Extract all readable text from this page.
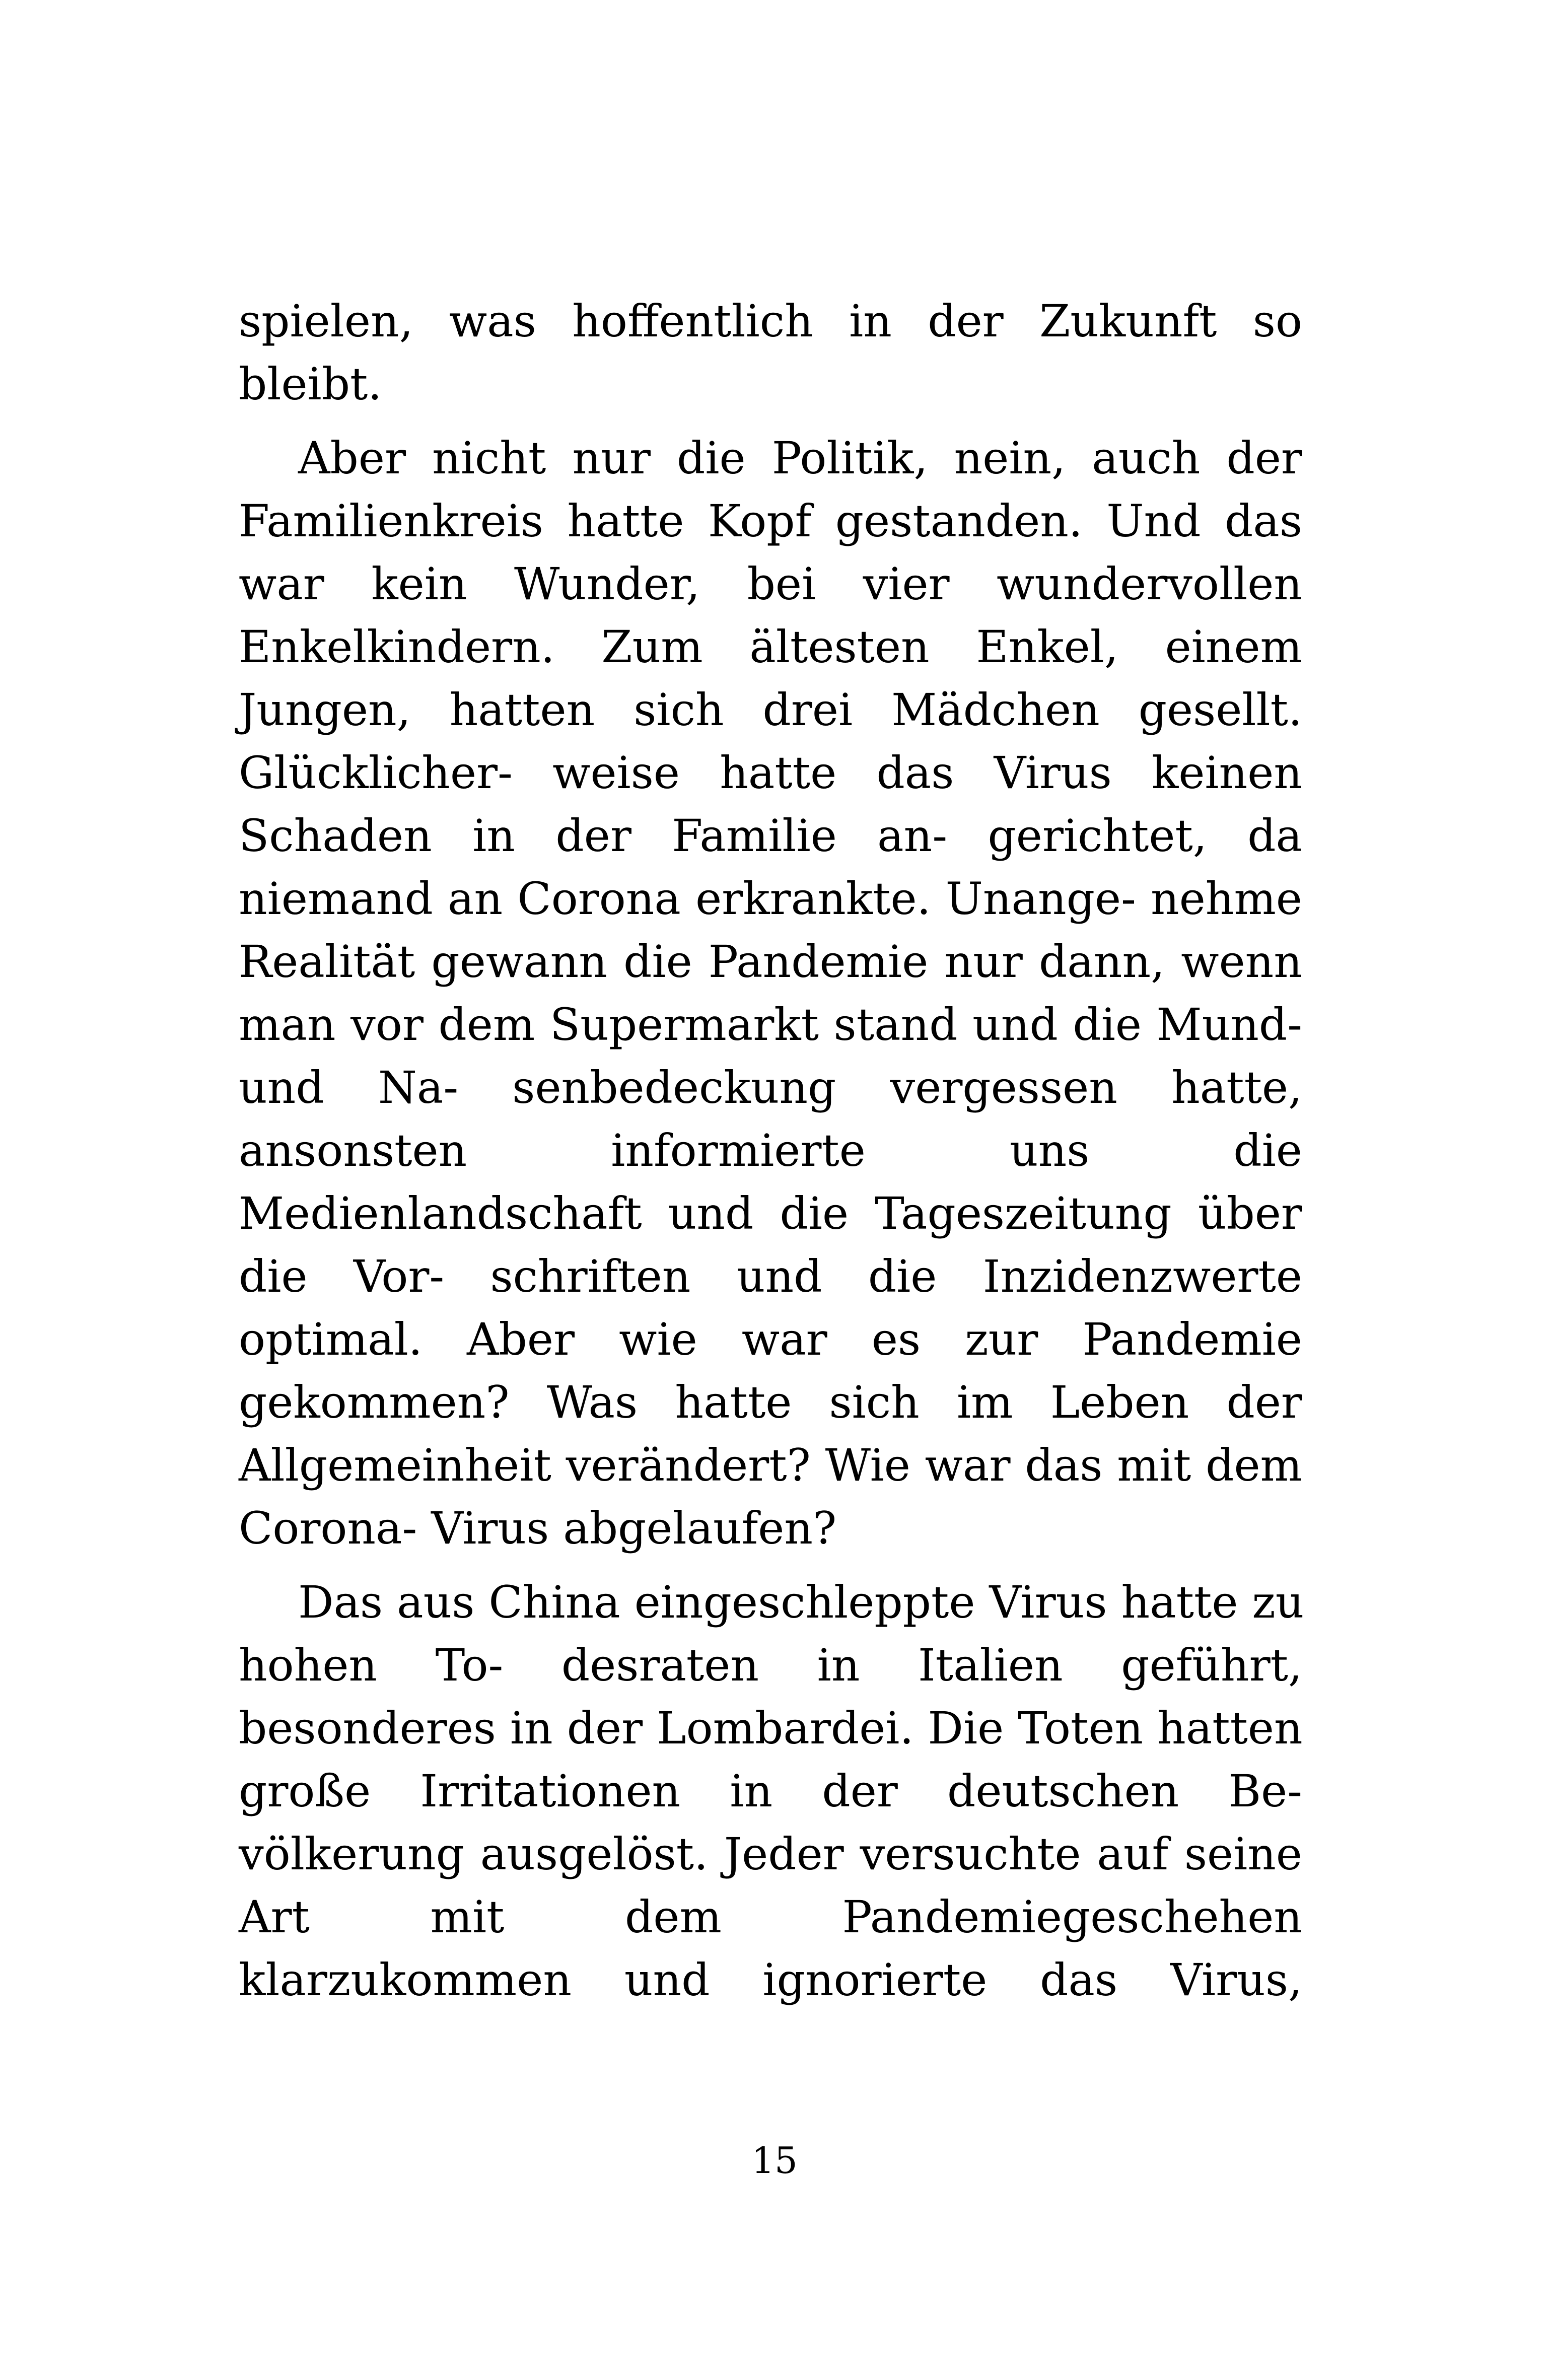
spielen, was hoffentlich in der Zukunft so
bleibt.
Aber nicht nur die Politik, nein, auch der
Familienkreis hatte Kopf gestanden. Und das
war kein Wunder, bei vier wundervollen
Enkelkindern. Zum ältesten Enkel, einem
Jungen, hatten sich drei Mädchen gesellt.
Glücklicher- weise hatte das Virus keinen
Schaden in der Familie an- gerichtet, da
niemand an Corona erkrankte. Unange- nehme
Realität gewann die Pandemie nur dann, wenn
man vor dem Supermarkt stand und die Mund-
und Na- senbedeckung vergessen hatte,
ansonsten informierte uns die
Medienlandschaft und die Tageszeitung über
die Vor- schriften und die Inzidenzwerte
optimal. Aber wie war es zur Pandemie
gekommen? Was hatte sich im Leben der
Allgemeinheit verändert? Wie war das mit dem
Corona- Virus abgelaufen?
Das aus China eingeschleppte Virus hatte zu
hohen To- desraten in Italien geführt,
besonderes in der Lombardei. Die Toten hatten
große Irritationen in der deutschen Be-
völkerung ausgelöst. Jeder versuchte auf seine
Art mit dem Pandemiegeschehen
klarzukommen und ignorierte das Virus,
15
